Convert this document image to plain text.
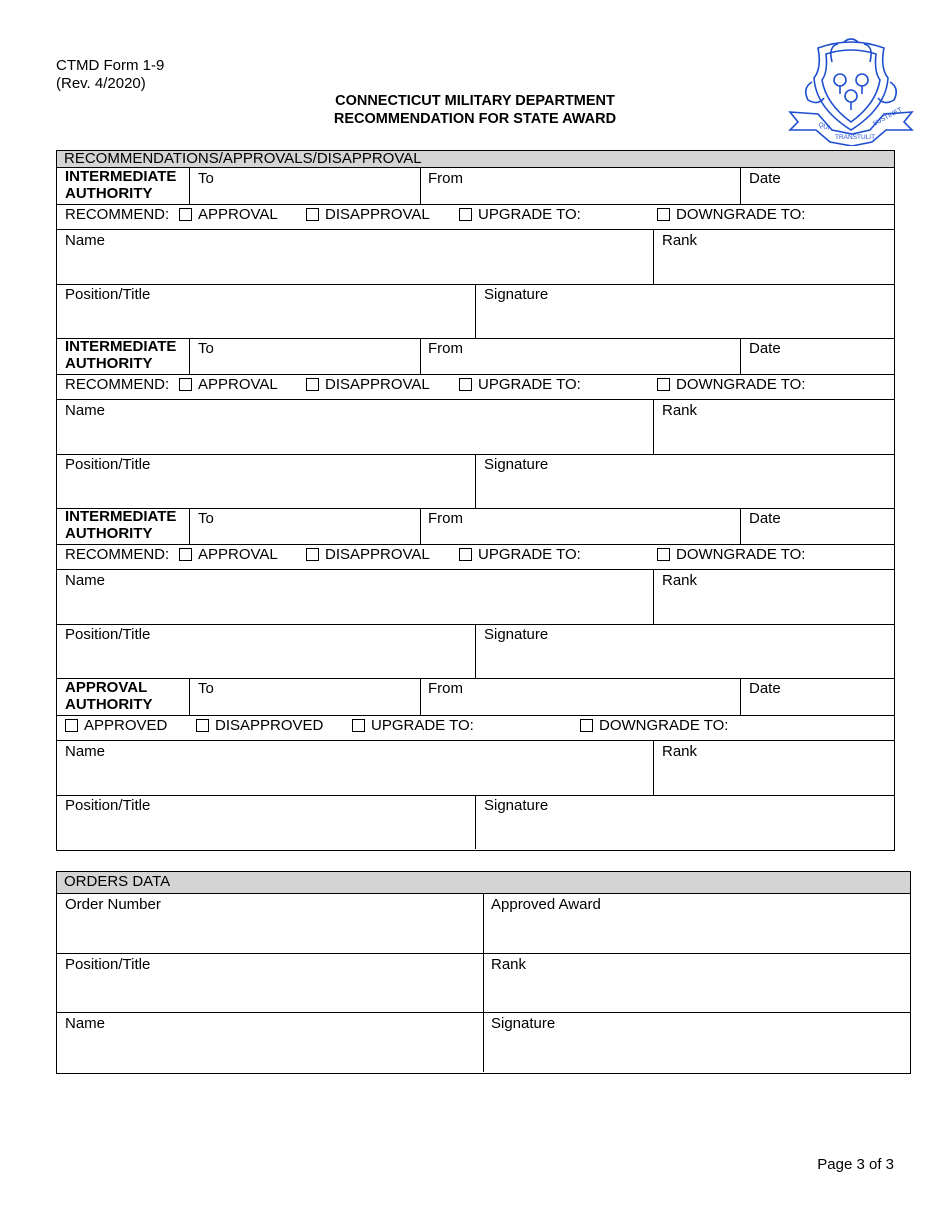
CTMD Form 1-9
(Rev. 4/2020)
CONNECTICUT MILITARY DEPARTMENT
RECOMMENDATION FOR STATE AWARD	QUI
TRANSTULIT
SUSTINET
RECOMMENDATIONS/APPROVALS/DISAPPROVAL
INTERMEDIATE
AUTHORITY
To	From	Date
RECOMMEND:	APPROVAL	DISAPPROVAL	UPGRADE TO:	DOWNGRADE TO:
Name	Rank
Position/Title	Signature
INTERMEDIATE
AUTHORITY
To	From	Date
RECOMMEND:	APPROVAL	DISAPPROVAL	UPGRADE TO:	DOWNGRADE TO:
Name	Rank
Position/Title	Signature
INTERMEDIATE
AUTHORITY
To	From	Date
RECOMMEND:	APPROVAL	DISAPPROVAL	UPGRADE TO:	DOWNGRADE TO:
Name	Rank
Position/Title	Signature
APPROVAL
AUTHORITY
To	From	Date
APPROVED	DISAPPROVED	UPGRADE TO:	DOWNGRADE TO:
Name	Rank
Position/Title	Signature
ORDERS DATA
Order Number	Approved Award
Position/Title	Rank
Name	Signature
Page 3 of 3
